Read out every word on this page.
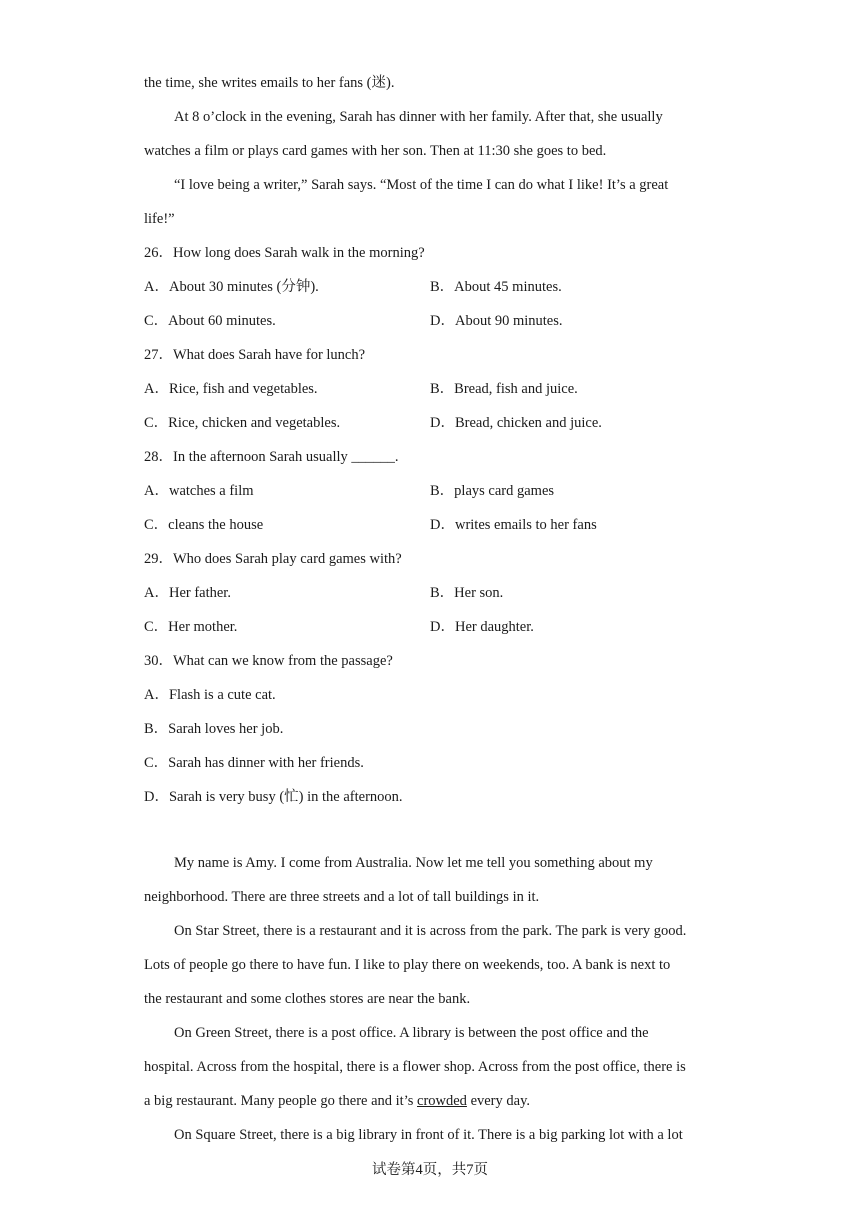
the time, she writes emails to her fans (迷).
At 8 o’clock in the evening, Sarah has dinner with her family. After that, she usually
watches a film or plays card games with her son. Then at 11:30 she goes to bed.
“I love being a writer,” Sarah says. “Most of the time I can do what I like! It’s a great
life!”
26．How long does Sarah walk in the morning?
A．About 30 minutes (分钟).	B．About 45 minutes.
C．About 60 minutes.	D．About 90 minutes.
27．What does Sarah have for lunch?
A．Rice, fish and vegetables.	B．Bread, fish and juice.
C．Rice, chicken and vegetables.	D．Bread, chicken and juice.
28．In the afternoon Sarah usually ______.
A．watches a film	B．plays card games
C．cleans the house	D．writes emails to her fans
29．Who does Sarah play card games with?
A．Her father.	B．Her son.
C．Her mother.	D．Her daughter.
30．What can we know from the passage?
A．Flash is a cute cat.
B．Sarah loves her job.
C．Sarah has dinner with her friends.
D．Sarah is very busy (忙) in the afternoon.
My name is Amy. I come from Australia. Now let me tell you something about my
neighborhood. There are three streets and a lot of tall buildings in it.
On Star Street, there is a restaurant and it is across from the park. The park is very good.
Lots of people go there to have fun. I like to play there on weekends, too. A bank is next to
the restaurant and some clothes stores are near the bank.
On Green Street, there is a post office. A library is between the post office and the
hospital. Across from the hospital, there is a flower shop. Across from the post office, there is
a big restaurant. Many people go there and it’s crowded every day.
On Square Street, there is a big library in front of it. There is a big parking lot with a lot
试卷第4页，共7页
